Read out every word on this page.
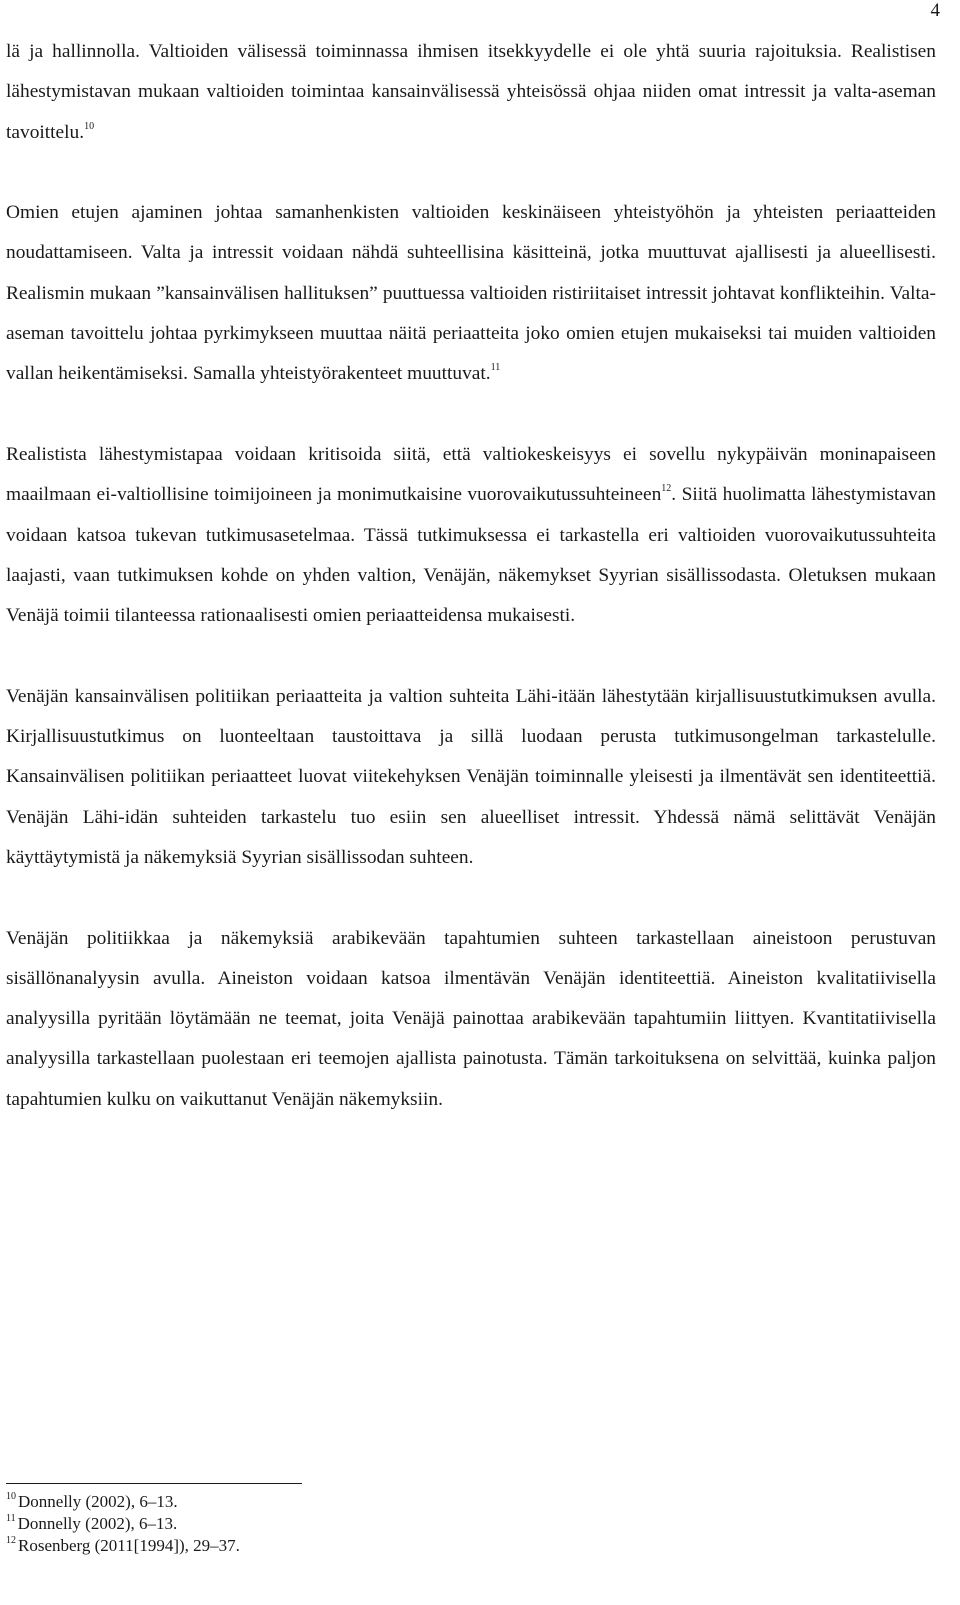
4

lä ja hallinnolla. Valtioiden välisessä toiminnassa ihmisen itsekkyydelle ei ole yhtä suuria rajoituksia. Realistisen lähestymistavan mukaan valtioiden toimintaa kansainvälisessä yhteisössä ohjaa niiden omat intressit ja valta-aseman tavoittelu.$^{10}$

Omien etujen ajaminen johtaa samanhenkisten valtioiden keskinäiseen yhteistyöhön ja yhteisten periaatteiden noudattamiseen. Valta ja intressit voidaan nähdä suhteellisina käsitteinä, jotka muuttuvat ajallisesti ja alueellisesti. Realismin mukaan ”kansainvälisen hallituksen” puuttuessa valtioiden ristiriitaiset intressit johtavat konflikteihin. Valta-aseman tavoittelu johtaa pyrkimykseen muuttaa näitä periaatteita joko omien etujen mukaiseksi tai muiden valtioiden vallan heikentämiseksi. Samalla yhteistyörakenteet muuttuvat.$^{11}$

Realistista lähestymistapaa voidaan kritisoida siitä, että valtiokeskeisyys ei sovellu nykypäivän moninapaiseen maailmaan ei-valtiollisine toimijoineen ja monimutkaisine vuorovaikutussuhteineen$^{12}$. Siitä huolimatta lähestymistavan voidaan katsoa tukevan tutkimusasetelmaa. Tässä tutkimuksessa ei tarkastella eri valtioiden vuorovaikutussuhteita laajasti, vaan tutkimuksen kohde on yhden valtion, Venäjän, näkemykset Syyrian sisällissodasta. Oletuksen mukaan Venäjä toimii tilanteessa rationaalisesti omien periaatteidensa mukaisesti.

Venäjän kansainvälisen politiikan periaatteita ja valtion suhteita Lähi-itään lähestytään kirjallisuustutkimuksen avulla. Kirjallisuustutkimus on luonteeltaan taustoittava ja sillä luodaan perusta tutkimusongelman tarkastelulle. Kansainvälisen politiikan periaatteet luovat viitekehyksen Venäjän toiminnalle yleisesti ja ilmentävät sen identiteettiä. Venäjän Lähi-idän suhteiden tarkastelu tuo esiin sen alueelliset intressit. Yhdessä nämä selittävät Venäjän käyttäytymistä ja näkemyksiä Syyrian sisällissodan suhteen.

Venäjän politiikkaa ja näkemyksiä arabikevään tapahtumien suhteen tarkastellaan aineistoon perustuvan sisällönanalyysin avulla. Aineiston voidaan katsoa ilmentävän Venäjän identiteettiä. Aineiston kvalitatiivisella analyysilla pyritään löytämään ne teemat, joita Venäjä painottaa arabikevään tapahtumiin liittyen. Kvantitatiivisella analyysilla tarkastellaan puolestaan eri teemojen ajallista painotusta. Tämän tarkoituksena on selvittää, kuinka paljon tapahtumien kulku on vaikuttanut Venäjän näkemyksiin.

$^{10}$ Donnelly (2002), 6–13.

$^{11}$ Donnelly (2002), 6–13.

$^{12}$ Rosenberg (2011[1994]), 29–37.
